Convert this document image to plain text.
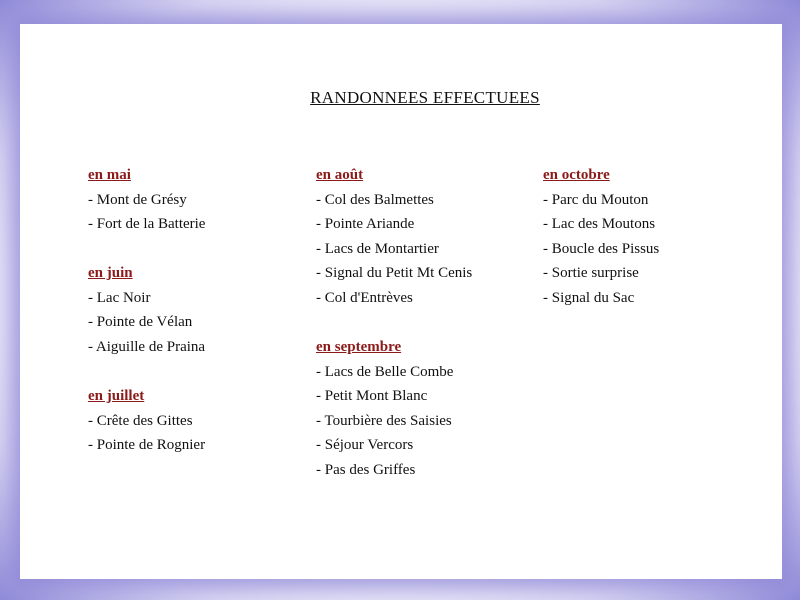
RANDONNEES EFFECTUEES
en mai
- Mont de Grésy
- Fort de la Batterie
en juin
- Lac Noir
- Pointe de Vélan
- Aiguille de Praina
en juillet
- Crête des Gittes
- Pointe de Rognier
en août
- Col des Balmettes
- Pointe Ariande
- Lacs de Montartier
- Signal du Petit Mt Cenis
- Col d'Entrèves
en septembre
- Lacs de Belle Combe
- Petit Mont Blanc
- Tourbière des Saisies
- Séjour Vercors
- Pas des Griffes
en octobre
- Parc du Mouton
- Lac des Moutons
- Boucle des Pissus
- Sortie surprise
- Signal du Sac
